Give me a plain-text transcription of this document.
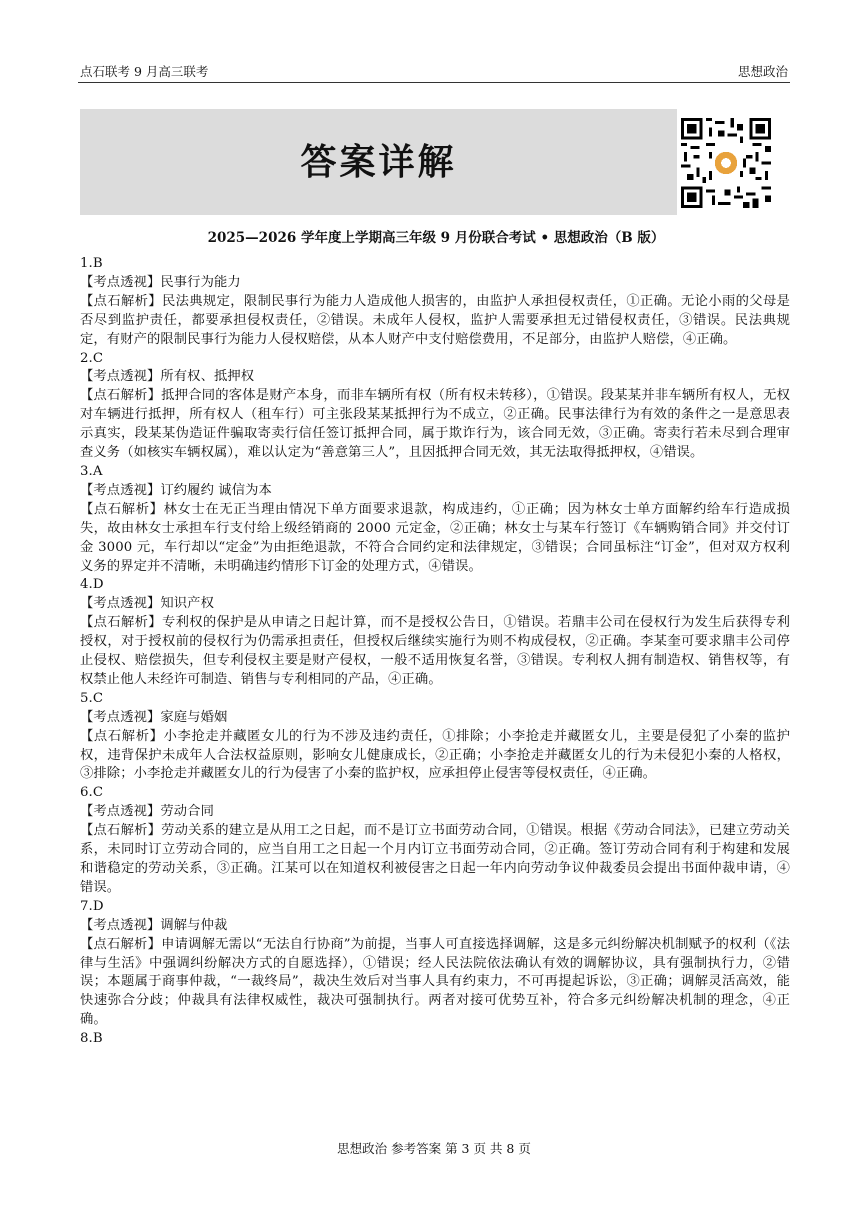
点石联考 9 月高三联考	思想政治
答案详解
2025—2026 学年度上学期高三年级 9 月份联合考试 • 思想政治（B 版）

1.B

【考点透视】民事行为能力

【点石解析】民法典规定，限制民事行为能力人造成他人损害的，由监护人承担侵权责任，①正确。无论小雨的父母是否尽到监护责任，都要承担侵权责任，②错误。未成年人侵权，监护人需要承担无过错侵权责任，③错误。民法典规定，有财产的限制民事行为能力人侵权赔偿，从本人财产中支付赔偿费用，不足部分，由监护人赔偿，④正确。

2.C

【考点透视】所有权、抵押权

【点石解析】抵押合同的客体是财产本身，而非车辆所有权（所有权未转移），①错误。段某某并非车辆所有权人，无权对车辆进行抵押，所有权人（租车行）可主张段某某抵押行为不成立，②正确。民事法律行为有效的条件之一是意思表示真实，段某某伪造证件骗取寄卖行信任签订抵押合同，属于欺诈行为，该合同无效，③正确。寄卖行若未尽到合理审查义务（如核实车辆权属），难以认定为“善意第三人”，且因抵押合同无效，其无法取得抵押权，④错误。

3.A

【考点透视】订约履约 诚信为本

【点石解析】林女士在无正当理由情况下单方面要求退款，构成违约，①正确；因为林女士单方面解约给车行造成损失，故由林女士承担车行支付给上级经销商的 2000 元定金，②正确；林女士与某车行签订《车辆购销合同》并交付订金 3000 元，车行却以“定金”为由拒绝退款，不符合合同约定和法律规定，③错误；合同虽标注“订金”，但对双方权利义务的界定并不清晰，未明确违约情形下订金的处理方式，④错误。

4.D

【考点透视】知识产权

【点石解析】专利权的保护是从申请之日起计算，而不是授权公告日，①错误。若鼎丰公司在侵权行为发生后获得专利授权，对于授权前的侵权行为仍需承担责任，但授权后继续实施行为则不构成侵权，②正确。李某奎可要求鼎丰公司停止侵权、赔偿损失，但专利侵权主要是财产侵权，一般不适用恢复名誉，③错误。专利权人拥有制造权、销售权等，有权禁止他人未经许可制造、销售与专利相同的产品，④正确。

5.C

【考点透视】家庭与婚姻

【点石解析】小李抢走并藏匿女儿的行为不涉及违约责任，①排除；小李抢走并藏匿女儿，主要是侵犯了小秦的监护权，违背保护未成年人合法权益原则，影响女儿健康成长，②正确；小李抢走并藏匿女儿的行为未侵犯小秦的人格权，③排除；小李抢走并藏匿女儿的行为侵害了小秦的监护权，应承担停止侵害等侵权责任，④正确。

6.C

【考点透视】劳动合同

【点石解析】劳动关系的建立是从用工之日起，而不是订立书面劳动合同，①错误。根据《劳动合同法》，已建立劳动关系，未同时订立劳动合同的，应当自用工之日起一个月内订立书面劳动合同，②正确。签订劳动合同有利于构建和发展和谐稳定的劳动关系，③正确。江某可以在知道权利被侵害之日起一年内向劳动争议仲裁委员会提出书面仲裁申请，④错误。

7.D

【考点透视】调解与仲裁

【点石解析】申请调解无需以“无法自行协商”为前提，当事人可直接选择调解，这是多元纠纷解决机制赋予的权利（《法律与生活》中强调纠纷解决方式的自愿选择），①错误；经人民法院依法确认有效的调解协议，具有强制执行力，②错误；本题属于商事仲裁，“一裁终局”，裁决生效后对当事人具有约束力，不可再提起诉讼，③正确；调解灵活高效，能快速弥合分歧；仲裁具有法律权威性，裁决可强制执行。两者对接可优势互补，符合多元纠纷解决机制的理念，④正确。

8.B

思想政治 参考答案 第 3 页 共 8 页
